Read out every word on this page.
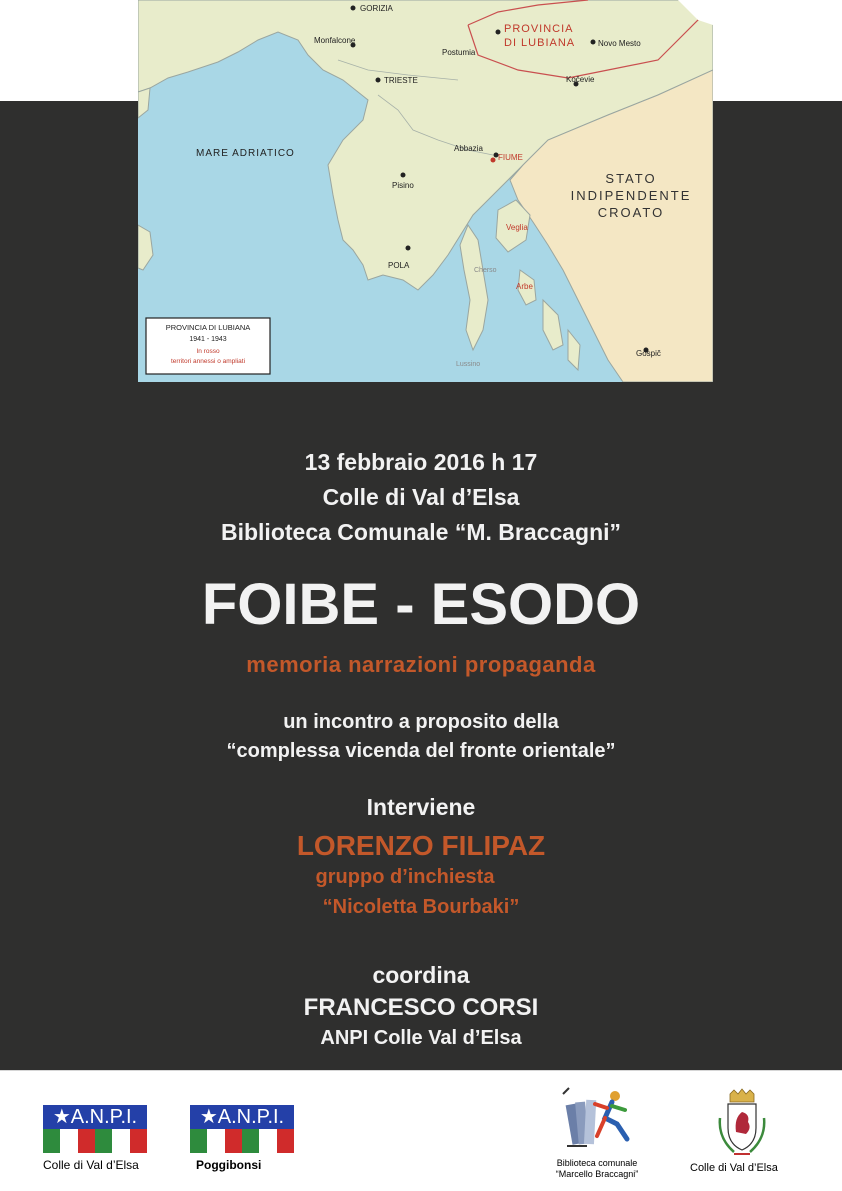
GORIZIA
Monfalcone
Postumia
TRIESTE
Novo Mesto
Kočevie
Abbazia
Pisino
POLA
Gospič
Cherso
Lussino
FIUME
Veglia
Arbe
PROVINCIA
DI LUBIANA
MARE ADRIATICO
STATO
INDIPENDENTE
CROATO
PROVINCIA DI LUBIANA
1941 - 1943
In rosso
territori annessi o ampliati
13 febbraio 2016 h 17
Colle di Val d’Elsa
Biblioteca Comunale “M. Braccagni”
FOIBE - ESODO
memoria narrazioni propaganda
un incontro a proposito della
“complessa vicenda del fronte orientale”
Interviene
LORENZO FILIPAZ
gruppo d’inchiesta
“Nicoletta Bourbaki”
coordina
FRANCESCO CORSI
ANPI Colle Val d’Elsa
★A.N.P.I.
Colle di Val d’Elsa
★A.N.P.I.
Poggibonsi	Biblioteca comunale
“Marcello Braccagni”	Colle di Val d’Elsa
